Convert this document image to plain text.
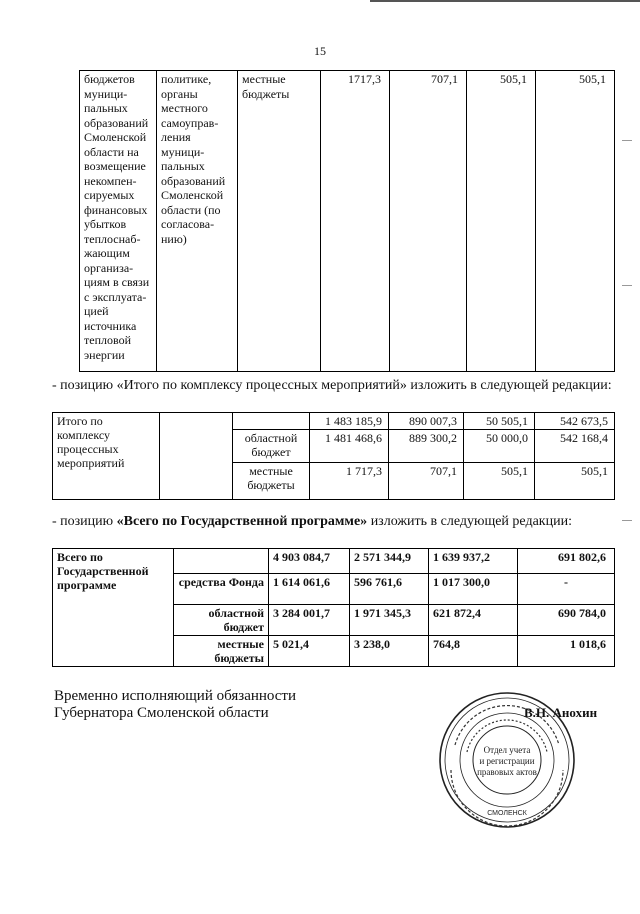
15
бюджетов муници-пальных образований Смоленской области на возмещение некомпен-сируемых финансовых убытков теплоснаб-жающим организа-циям в связи с эксплуата-цией источника тепловой энергии	политике, органы местного самоуправ-ления муници-пальных образований Смоленской области (по согласова-нию)	местные бюджеты	1717,3	707,1	505,1	505,1
- позицию «Итого по комплексу процессных мероприятий» изложить в следующей редакции:
Итого по комплексу процессных мероприятий			1 483 185,9	890 007,3	50 505,1	542 673,5
		областной бюджет	1 481 468,6	889 300,2	50 000,0	542 168,4
		местные бюджеты	1 717,3	707,1	505,1	505,1
- позицию «Всего по Государственной программе» изложить в следующей редакции:
Всего по Государственной программе		4 903 084,7	2 571 344,9	1 639 937,2	691 802,6
	средства Фонда	1 614 061,6	596 761,6	1 017 300,0	-
	областной бюджет	3 284 001,7	1 971 345,3	621 872,4	690 784,0
	местные бюджеты	5 021,4	3 238,0	764,8	1 018,6
Временно исполняющий обязанности
Губернатора Смоленской области
Отдел учета
и регистрации
правовых актов
СМОЛЕНСК
В.Н. Анохин
